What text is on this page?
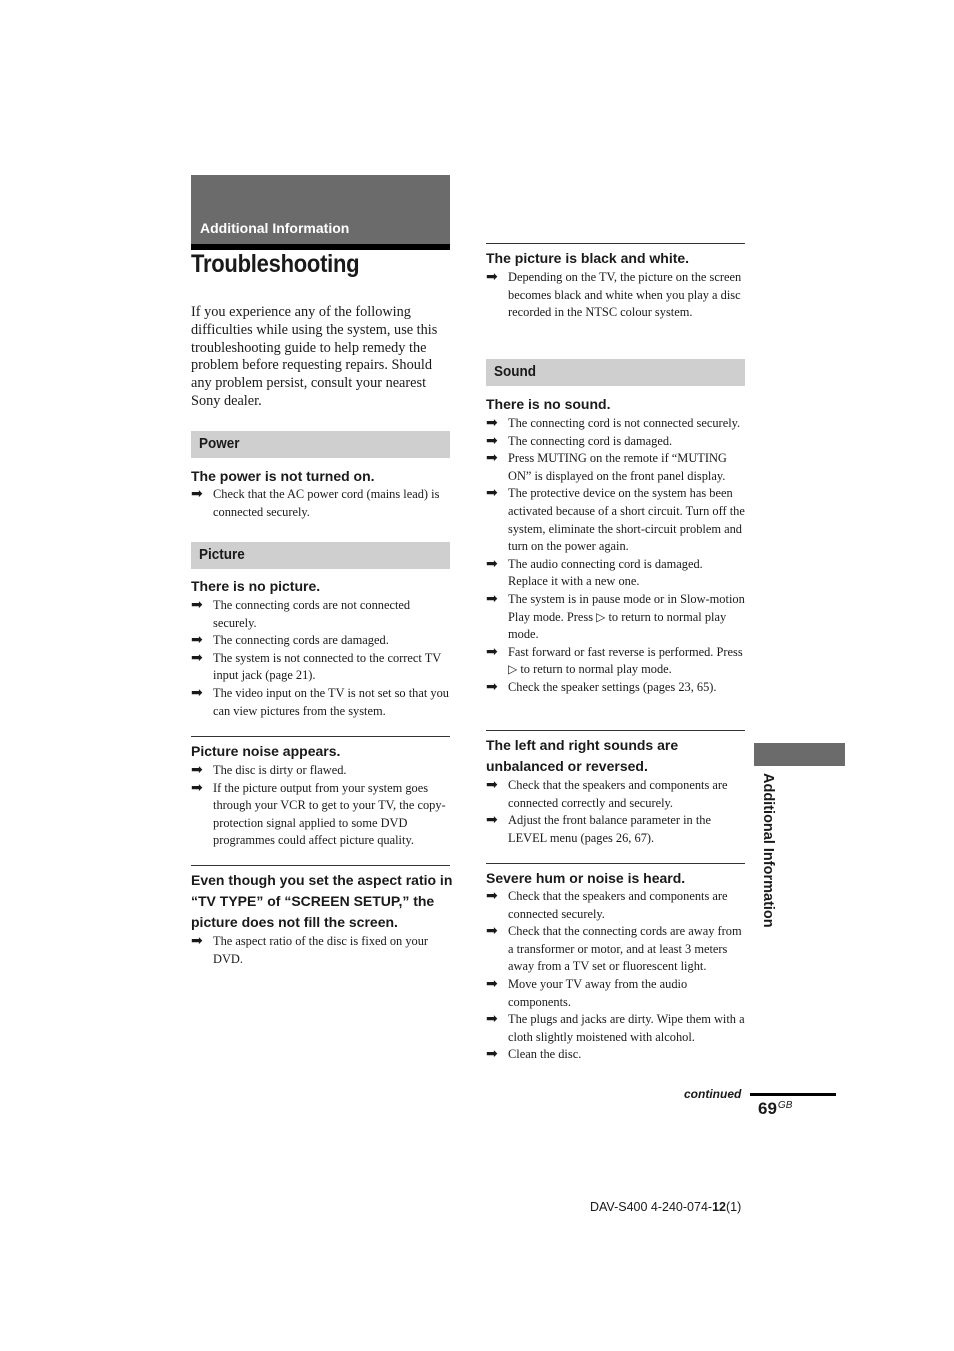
Additional Information
Troubleshooting

If you experience any of the following difficulties while using the system, use this troubleshooting guide to help remedy the problem before requesting repairs. Should any problem persist, consult your nearest Sony dealer.

Power

The power is not turned on.

➡ Check that the AC power cord (mains lead) is connected securely.
Picture

There is no picture.

➡ The connecting cords are not connected securely.
➡ The connecting cords are damaged.
➡ The system is not connected to the correct TV input jack (page 21).
➡ The video input on the TV is not set so that you can view pictures from the system.

Picture noise appears.

➡ The disc is dirty or flawed.
➡ If the picture output from your system goes through your VCR to get to your TV, the copy-protection signal applied to some DVD programmes could affect picture quality.

Even though you set the aspect ratio in “TV TYPE” of “SCREEN SETUP,” the picture does not fill the screen.

➡ The aspect ratio of the disc is fixed on your DVD.

The picture is black and white.

➡ Depending on the TV, the picture on the screen becomes black and white when you play a disc recorded in the NTSC colour system.
Sound

There is no sound.

➡ The connecting cord is not connected securely.
➡ The connecting cord is damaged.
➡ Press MUTING on the remote if “MUTING ON” is displayed on the front panel display.
➡ The protective device on the system has been activated because of a short circuit. Turn off the system, eliminate the short-circuit problem and turn on the power again.
➡ The audio connecting cord is damaged. Replace it with a new one.
➡ The system is in pause mode or in Slow-motion Play mode. Press ▷ to return to normal play mode.
➡ Fast forward or fast reverse is performed. Press ▷ to return to normal play mode.
➡ Check the speaker settings (pages 23, 65).

The left and right sounds are unbalanced or reversed.

➡ Check that the speakers and components are connected correctly and securely.
➡ Adjust the front balance parameter in the LEVEL menu (pages 26, 67).

Severe hum or noise is heard.

➡ Check that the speakers and components are connected securely.
➡ Check that the connecting cords are away from a transformer or motor, and at least 3 meters away from a TV set or fluorescent light.
➡ Move your TV away from the audio components.
➡ The plugs and jacks are dirty. Wipe them with a cloth slightly moistened with alcohol.
➡ Clean the disc.
Additional Information
continued
$69^{GB}$
DAV-S400 4-240-074-12(1)
